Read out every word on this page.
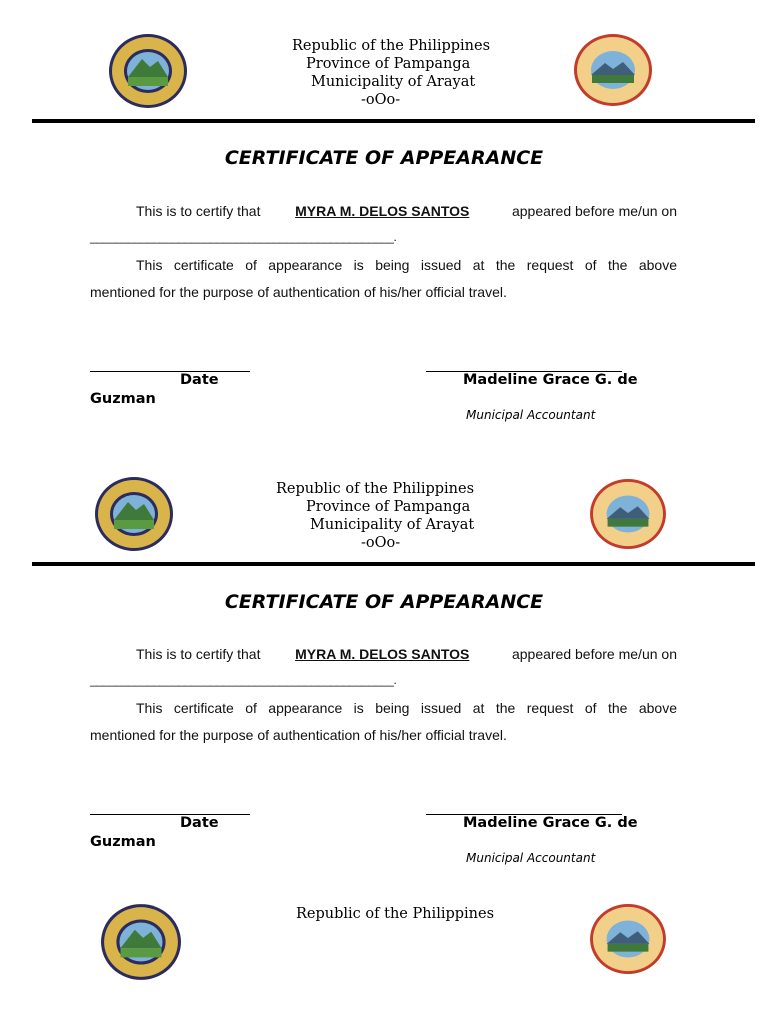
Republic of the Philippines
Province of Pampanga
Municipality of Arayat
-oOo-
CERTIFICATE OF APPEARANCE
This is to certify that MYRA M. DELOS SANTOS	appeared before me/un on
________________________________________________.
This certificate of appearance is being issued at the request of the above
mentioned for the purpose of authentication of his/her official travel.
Date	Madeline Grace G. de
Guzman
Municipal Accountant
Republic of the Philippines
Province of Pampanga
Municipality of Arayat
-oOo-
CERTIFICATE OF APPEARANCE
This is to certify that MYRA M. DELOS SANTOS	appeared before me/un on
________________________________________________.
This certificate of appearance is being issued at the request of the above
mentioned for the purpose of authentication of his/her official travel.
Date	Madeline Grace G. de
Guzman
Municipal Accountant
Republic of the Philippines
